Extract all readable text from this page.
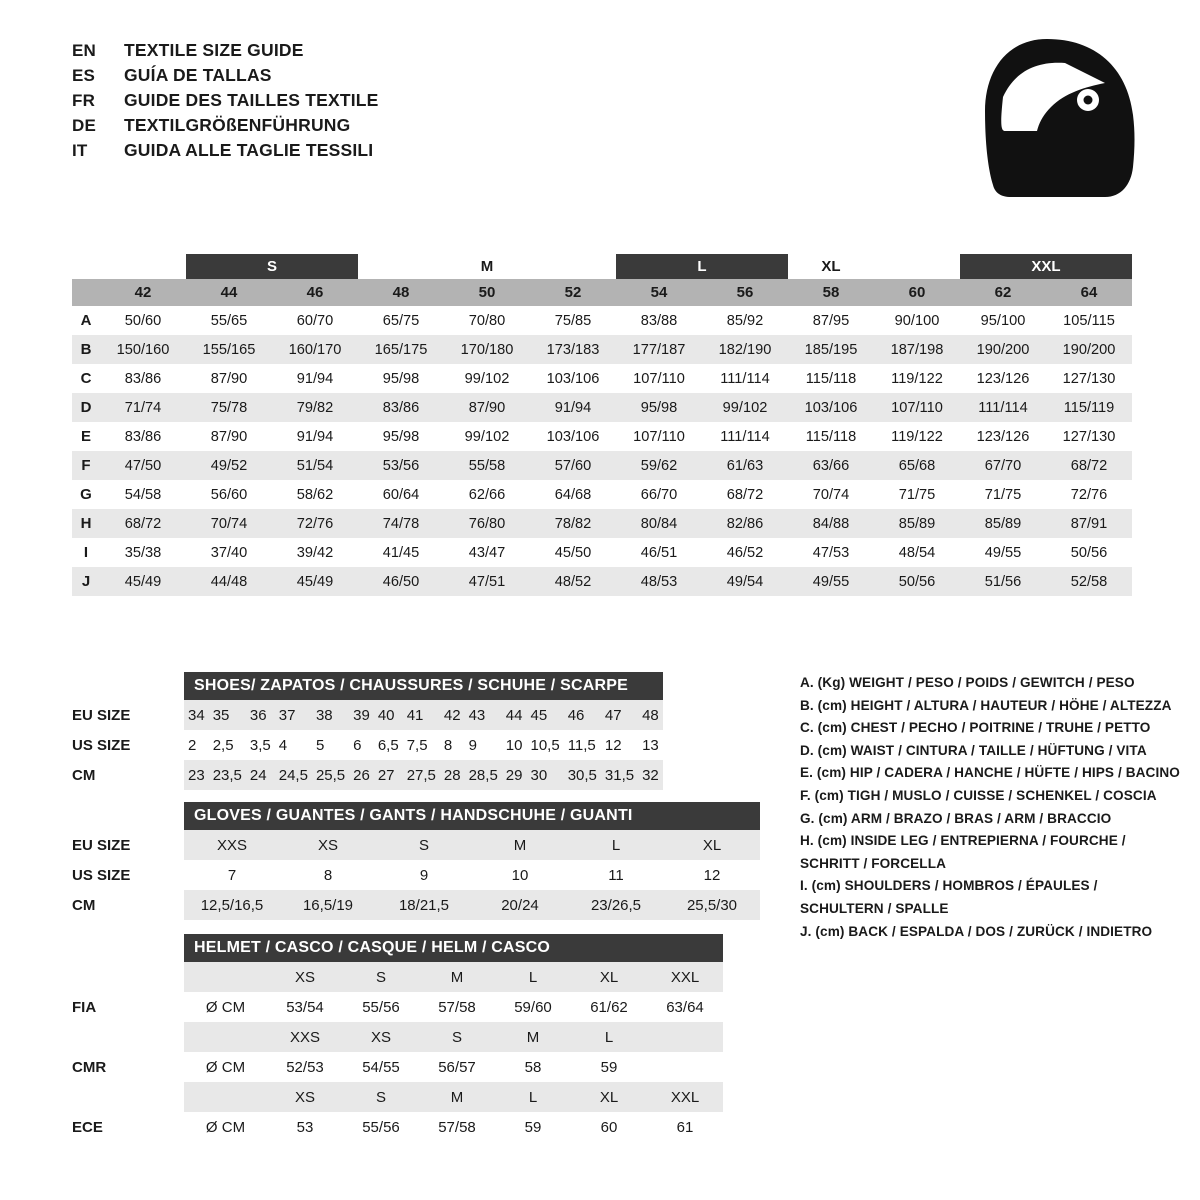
EN	TEXTILE SIZE GUIDE
ES	GUÍA DE TALLAS
FR	GUIDE DES TAILLES TEXTILE
DE	TEXTILGRÖßENFÜHRUNG
IT	GUIDA ALLE TAGLIE TESSILI
		S			M		L		XL		XXL		
	42	44	46	48	50	52	54	56	58	60	62	64	
A	50/60	55/65	60/70	65/75	70/80	75/85	83/88	85/92	87/95	90/100	95/100	105/115	
B	150/160	155/165	160/170	165/175	170/180	173/183	177/187	182/190	185/195	187/198	190/200	190/200	
C	83/86	87/90	91/94	95/98	99/102	103/106	107/110	111/114	115/118	119/122	123/126	127/130	
D	71/74	75/78	79/82	83/86	87/90	91/94	95/98	99/102	103/106	107/110	111/114	115/119	
E	83/86	87/90	91/94	95/98	99/102	103/106	107/110	111/114	115/118	119/122	123/126	127/130	
F	47/50	49/52	51/54	53/56	55/58	57/60	59/62	61/63	63/66	65/68	67/70	68/72	
G	54/58	56/60	58/62	60/64	62/66	64/68	66/70	68/72	70/74	71/75	71/75	72/76	
H	68/72	70/74	72/76	74/78	76/80	78/82	80/84	82/86	84/88	85/89	85/89	87/91	
I	35/38	37/40	39/42	41/45	43/47	45/50	46/51	46/52	47/53	48/54	49/55	50/56	
J	45/49	44/48	45/49	46/50	47/51	48/52	48/53	49/54	49/55	50/56	51/56	52/58	
	SHOES/ ZAPATOS / CHAUSSURES / SCHUHE / SCARPE														
EU SIZE	34	35	36	37	38	39	40	41	42	43	44	45	46	47	48
US SIZE	2	2,5	3,5	4	5	6	6,5	7,5	8	9	10	10,5	11,5	12	13
CM	23	23,5	24	24,5	25,5	26	27	27,5	28	28,5	29	30	30,5	31,5	32
	GLOVES / GUANTES / GANTS / HANDSCHUHE / GUANTI					
EU SIZE	XXS	XS	S	M	L	XL
US SIZE	7	8	9	10	11	12
CM	12,5/16,5	16,5/19	18/21,5	20/24	23/26,5	25,5/30
	HELMET / CASCO / CASQUE / HELM / CASCO						
		XS	S	M	L	XL	XXL
FIA	Ø CM	53/54	55/56	57/58	59/60	61/62	63/64
		XXS	XS	S	M	L	
CMR	Ø CM	52/53	54/55	56/57	58	59	
		XS	S	M	L	XL	XXL
ECE	Ø CM	53	55/56	57/58	59	60	61
A. (Kg) WEIGHT / PESO / POIDS / GEWITCH / PESO
B. (cm) HEIGHT / ALTURA / HAUTEUR / HÖHE / ALTEZZA
C. (cm) CHEST / PECHO / POITRINE / TRUHE / PETTO
D. (cm) WAIST / CINTURA / TAILLE / HÜFTUNG / VITA
E. (cm) HIP / CADERA / HANCHE / HÜFTE / HIPS / BACINO
F. (cm) TIGH / MUSLO / CUISSE / SCHENKEL / COSCIA
G. (cm) ARM / BRAZO / BRAS / ARM / BRACCIO
H. (cm) INSIDE LEG / ENTREPIERNA / FOURCHE / SCHRITT / FORCELLA
I. (cm) SHOULDERS / HOMBROS / ÉPAULES / SCHULTERN / SPALLE
J. (cm) BACK / ESPALDA / DOS / ZURÜCK / INDIETRO
